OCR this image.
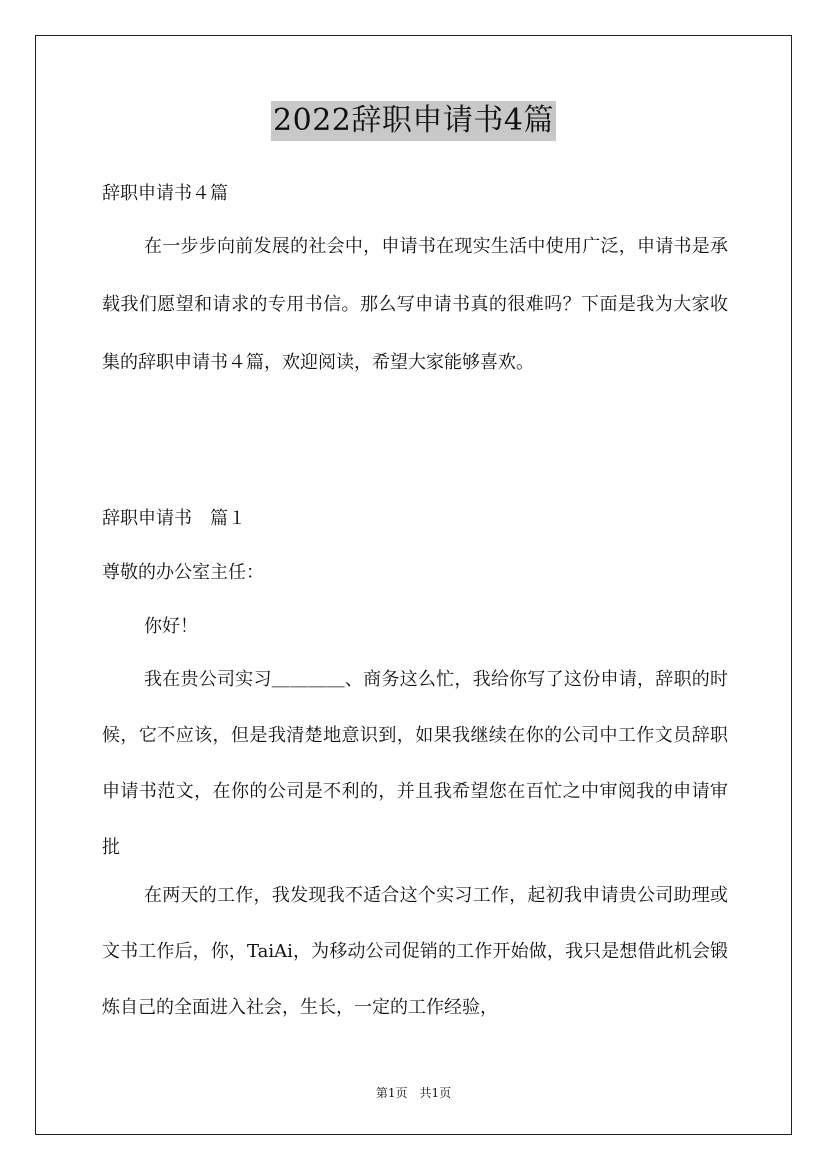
2022辞职申请书4篇

辞职申请书４篇

在一步步向前发展的社会中，申请书在现实生活中使用广泛，申请书是承载我们愿望和请求的专用书信。那么写申请书真的很难吗？下面是我为大家收集的辞职申请书４篇，欢迎阅读，希望大家能够喜欢。

辞职申请书　篇１

尊敬的办公室主任：

你好！

我在贵公司实习＿＿＿＿、商务这么忙，我给你写了这份申请，辞职的时候，它不应该，但是我清楚地意识到，如果我继续在你的公司中工作文员辞职申请书范文，在你的公司是不利的，并且我希望您在百忙之中审阅我的申请审批

在两天的工作，我发现我不适合这个实习工作，起初我申请贵公司助理或文书工作后，你，TaiAi，为移动公司促销的工作开始做，我只是想借此机会锻炼自己的全面进入社会，生长，一定的工作经验，

第1页　共1页
